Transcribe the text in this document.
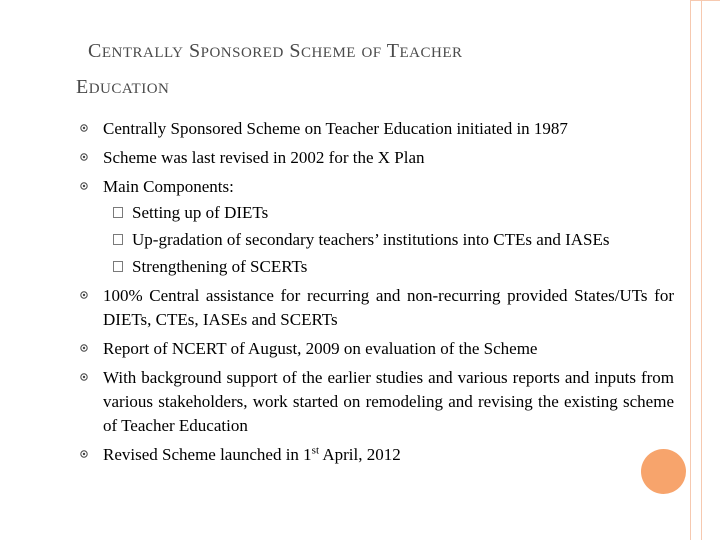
CENTRALLY SPONSORED SCHEME OF TEACHER
EDUCATION
Centrally Sponsored Scheme on Teacher Education initiated in 1987
Scheme was last revised in 2002 for the X Plan
Main Components:
Setting up of DIETs
Up-gradation of secondary teachers’ institutions into CTEs and IASEs
Strengthening of SCERTs
100% Central assistance for recurring and non-recurring provided States/UTs for DIETs, CTEs, IASEs and SCERTs
Report of NCERT of August, 2009 on evaluation of the Scheme
With background support of the earlier studies and various reports and inputs from various stakeholders, work started on remodeling and revising the existing scheme of Teacher Education
Revised Scheme launched in 1st April, 2012
